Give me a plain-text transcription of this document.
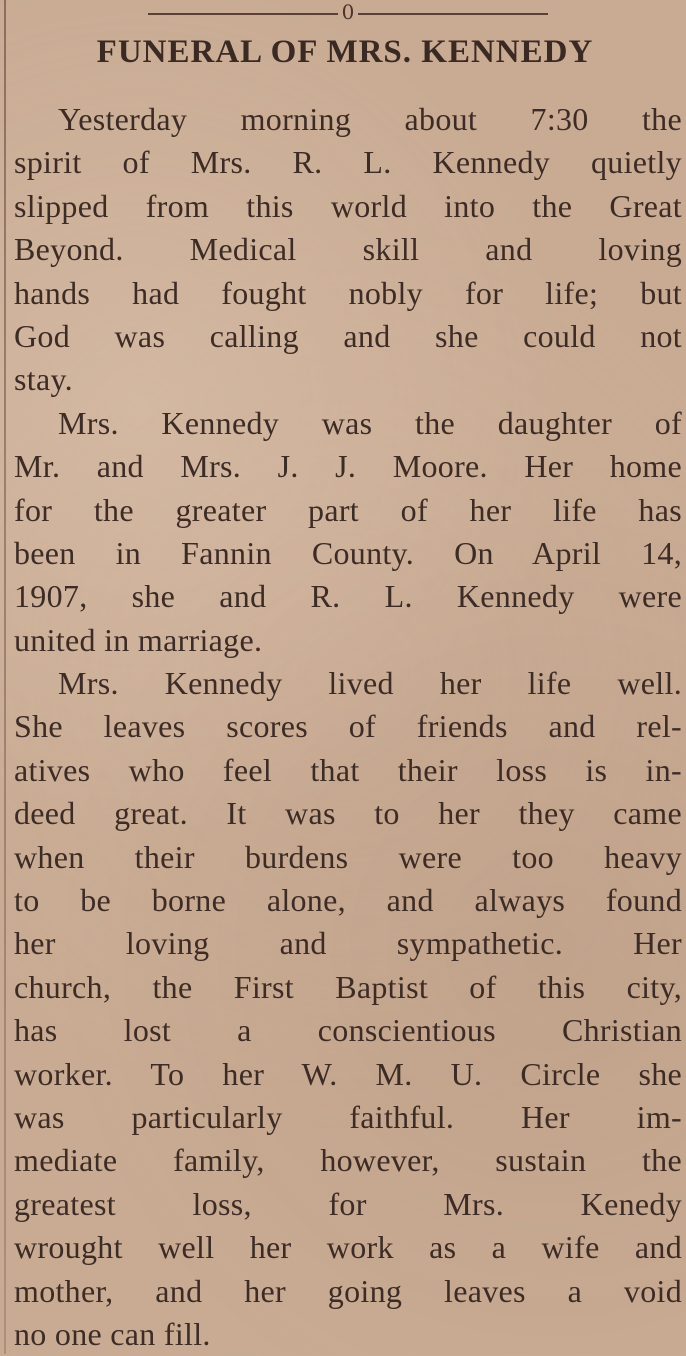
0
FUNERAL OF MRS. KENNEDY
Yesterday morning about 7:30 the
spirit of Mrs. R. L. Kennedy quietly
slipped from this world into the Great
Beyond. Medical skill and loving
hands had fought nobly for life; but
God was calling and she could not
stay.
Mrs. Kennedy was the daughter of
Mr. and Mrs. J. J. Moore. Her home
for the greater part of her life has
been in Fannin County. On April 14,
1907, she and R. L. Kennedy were
united in marriage.
Mrs. Kennedy lived her life well.
She leaves scores of friends and rel-
atives who feel that their loss is in-
deed great. It was to her they came
when their burdens were too heavy
to be borne alone, and always found
her loving and sympathetic. Her
church, the First Baptist of this city,
has lost a conscientious Christian
worker. To her W. M. U. Circle she
was particularly faithful. Her im-
mediate family, however, sustain the
greatest loss, for Mrs. Kenedy
wrought well her work as a wife and
mother, and her going leaves a void
no one can fill.
